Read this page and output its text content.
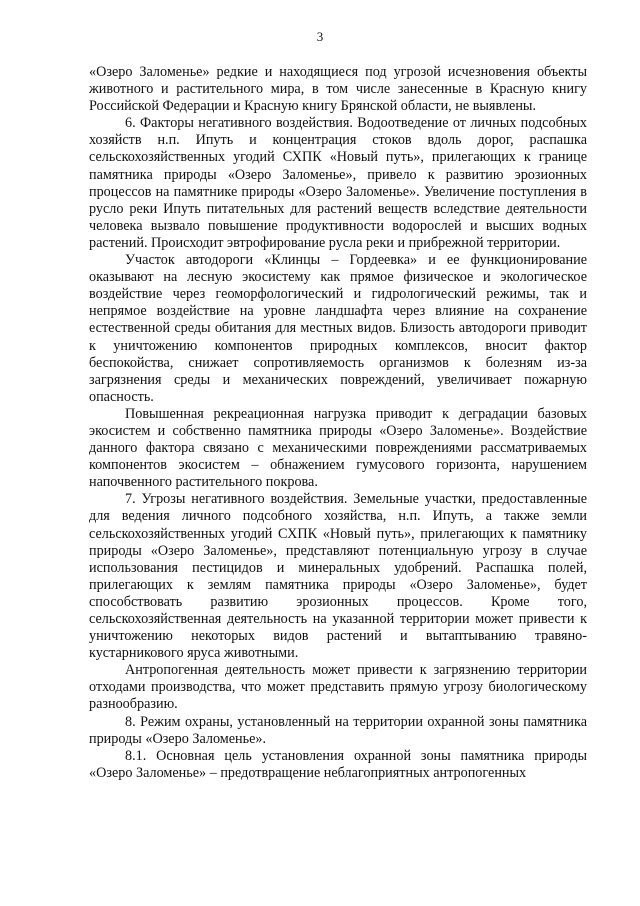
3

«Озеро Заломенье» редкие и находящиеся под угрозой исчезновения объекты животного и растительного мира, в том числе занесенные в Красную книгу Российской Федерации и Красную книгу Брянской области, не выявлены.

6. Факторы негативного воздействия. Водоотведение от личных подсобных хозяйств н.п. Ипуть и концентрация стоков вдоль дорог, распашка сельскохозяйственных угодий СХПК «Новый путь», прилегающих к границе памятника природы «Озеро Заломенье», привело к развитию эрозионных процессов на памятнике природы «Озеро Заломенье». Увеличение поступления в русло реки Ипуть питательных для растений веществ вследствие деятельности человека вызвало повышение продуктивности водорослей и высших водных растений. Происходит эвтрофирование русла реки и прибрежной территории.

Участок автодороги «Клинцы – Гордеевка» и ее функционирование оказывают на лесную экосистему как прямое физическое и экологическое воздействие через геоморфологический и гидрологический режимы, так и непрямое воздействие на уровне ландшафта через влияние на сохранение естественной среды обитания для местных видов. Близость автодороги приводит к уничтожению компонентов природных комплексов, вносит фактор беспокойства, снижает сопротивляемость организмов к болезням из-за загрязнения среды и механических повреждений, увеличивает пожарную опасность.

Повышенная рекреационная нагрузка приводит к деградации базовых экосистем и собственно памятника природы «Озеро Заломенье». Воздействие данного фактора связано с механическими повреждениями рассматриваемых компонентов экосистем – обнажением гумусового горизонта, нарушением напочвенного растительного покрова.

7. Угрозы негативного воздействия. Земельные участки, предоставленные для ведения личного подсобного хозяйства, н.п. Ипуть, а также земли сельскохозяйственных угодий СХПК «Новый путь», прилегающих к памятнику природы «Озеро Заломенье», представляют потенциальную угрозу в случае использования пестицидов и минеральных удобрений. Распашка полей, прилегающих к землям памятника природы «Озеро Заломенье», будет способствовать развитию эрозионных процессов. Кроме того, сельскохозяйственная деятельность на указанной территории может привести к уничтожению некоторых видов растений и вытаптыванию травяно-кустарникового яруса животными.

Антропогенная деятельность может привести к загрязнению территории отходами производства, что может представить прямую угрозу биологическому разнообразию.

8. Режим охраны, установленный на территории охранной зоны памятника природы «Озеро Заломенье».

8.1. Основная цель установления охранной зоны памятника природы «Озеро Заломенье» – предотвращение неблагоприятных антропогенных
